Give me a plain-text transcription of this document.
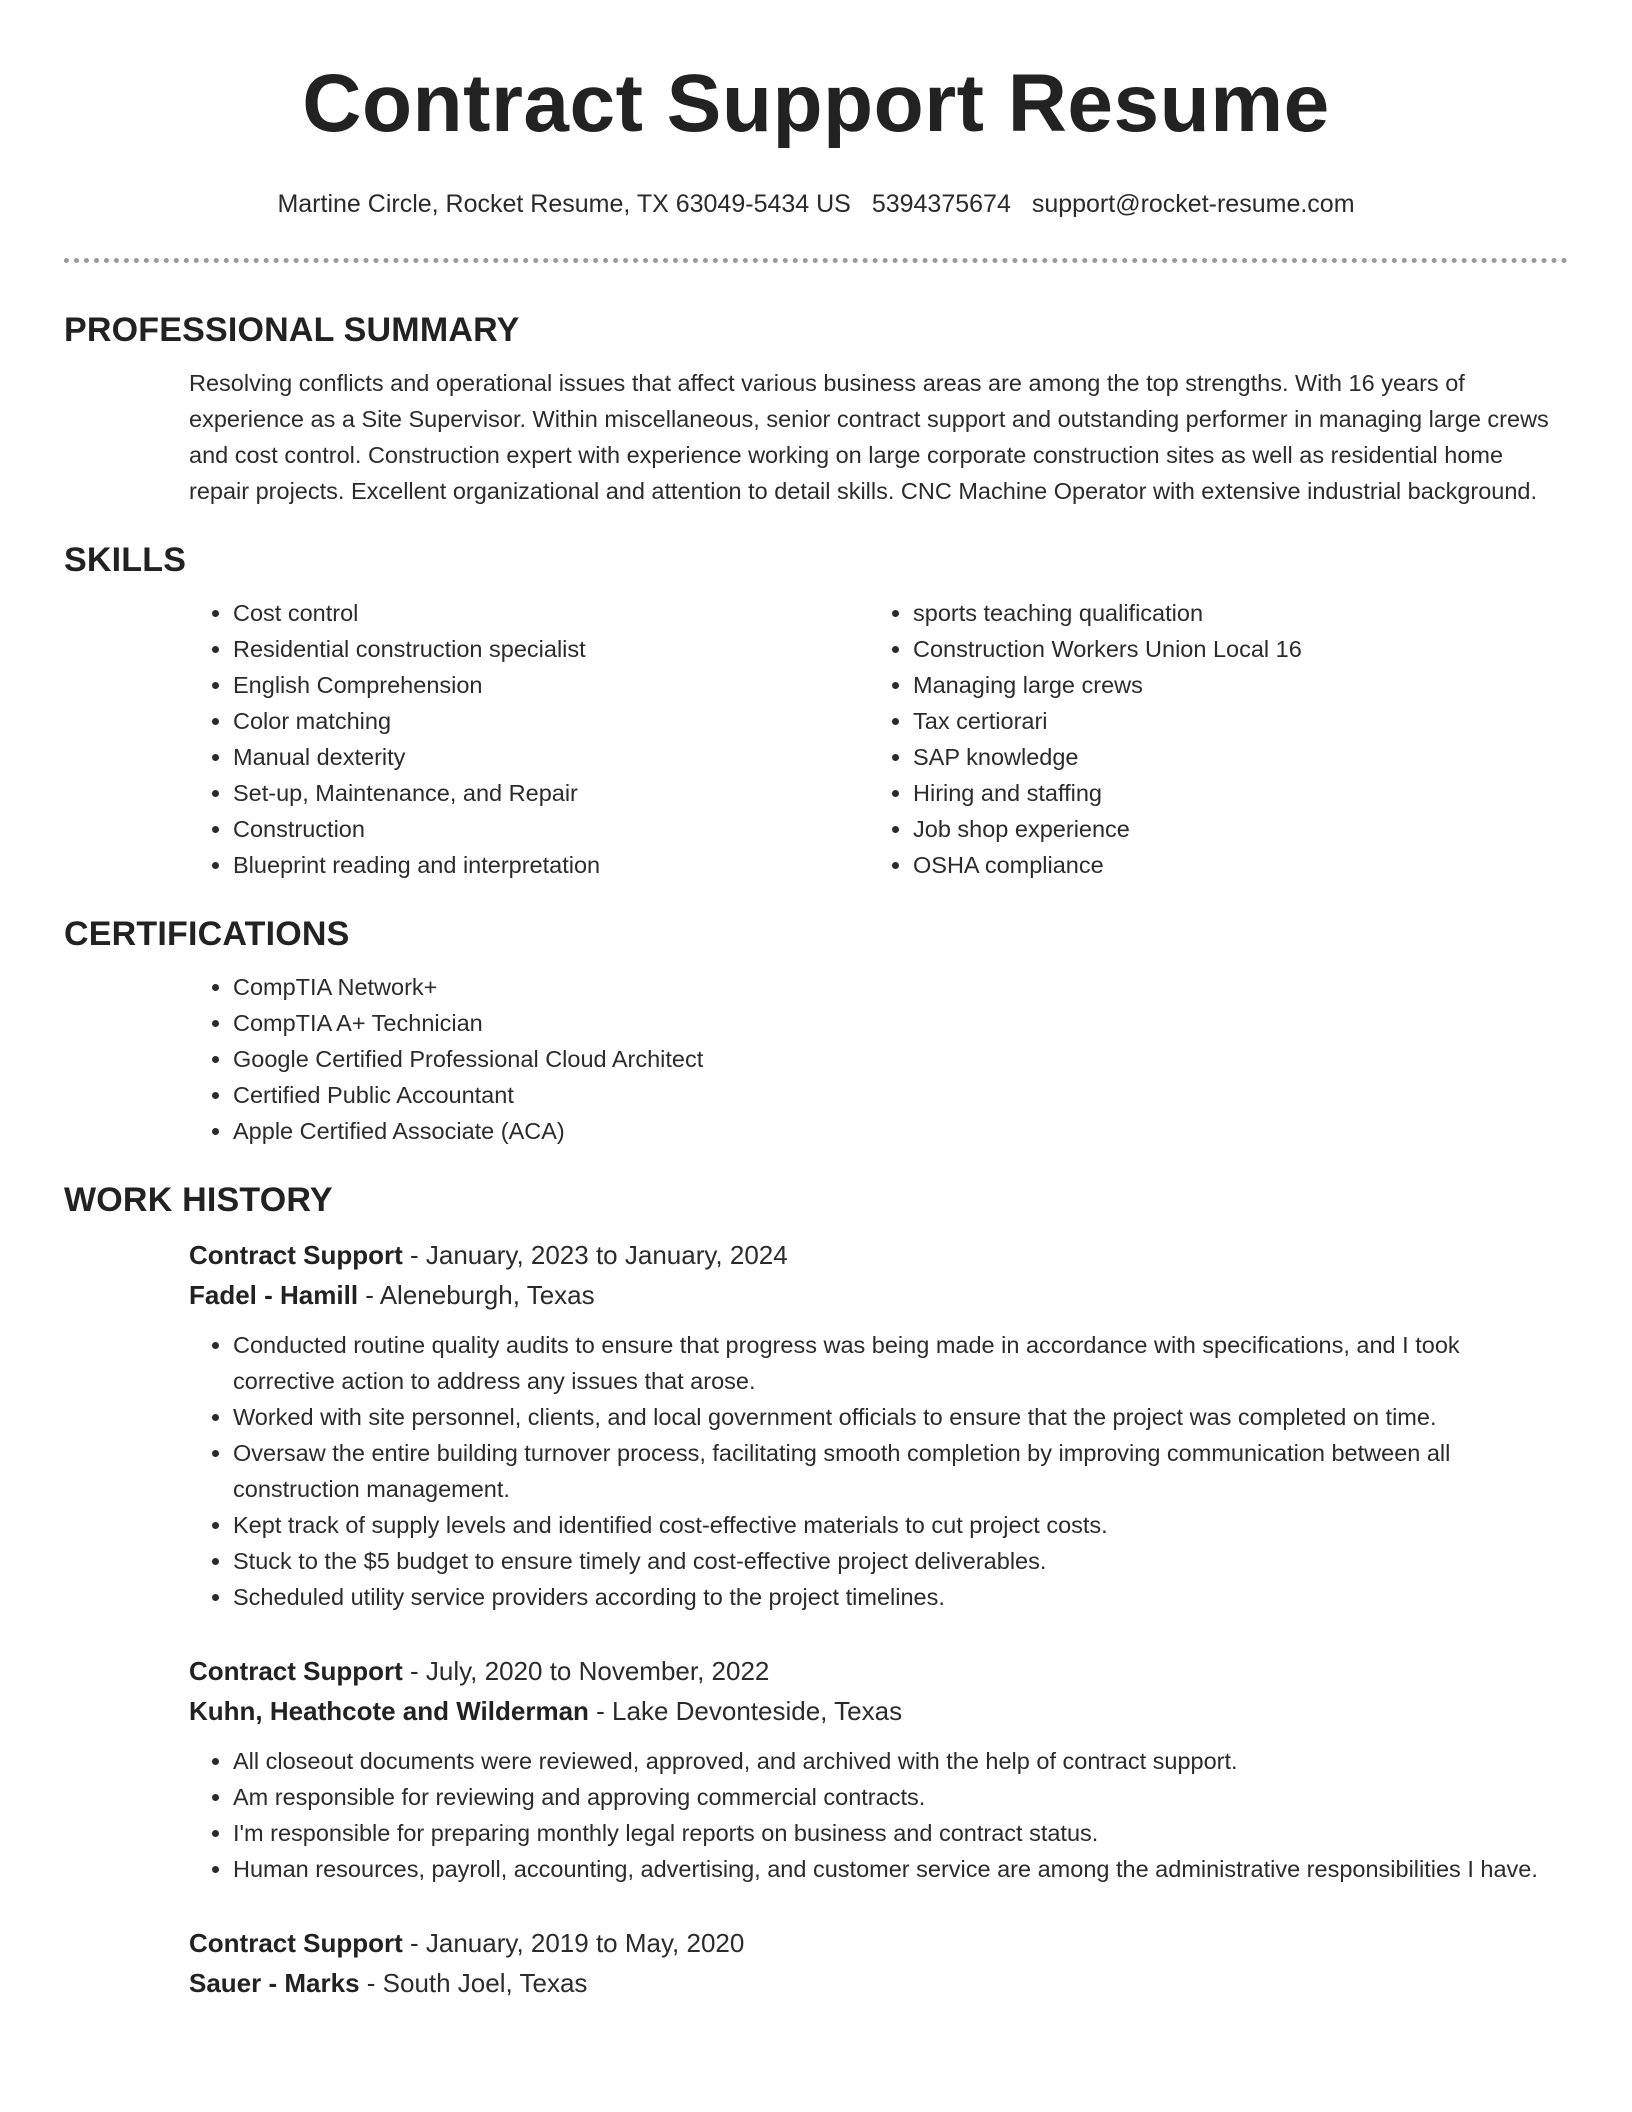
Contract Support Resume
Martine Circle, Rocket Resume, TX 63049-5434 US 5394375674 support@rocket-resume.com
PROFESSIONAL SUMMARY

Resolving conflicts and operational issues that affect various business areas are among the top strengths. With 16 years of experience as a Site Supervisor. Within miscellaneous, senior contract support and outstanding performer in managing large crews and cost control. Construction expert with experience working on large corporate construction sites as well as residential home repair projects. Excellent organizational and attention to detail skills. CNC Machine Operator with extensive industrial background.

SKILLS
• Cost control
• Residential construction specialist
• English Comprehension
• Color matching
• Manual dexterity
• Set-up, Maintenance, and Repair
• Construction
• Blueprint reading and interpretation
• sports teaching qualification
• Construction Workers Union Local 16
• Managing large crews
• Tax certiorari
• SAP knowledge
• Hiring and staffing
• Job shop experience
• OSHA compliance
CERTIFICATIONS
• CompTIA Network+
• CompTIA A+ Technician
• Google Certified Professional Cloud Architect
• Certified Public Accountant
• Apple Certified Associate (ACA)
WORK HISTORY
Contract Support - January, 2023 to January, 2024
Fadel - Hamill - Aleneburgh, Texas
• Conducted routine quality audits to ensure that progress was being made in accordance with specifications, and I took corrective action to address any issues that arose.
• Worked with site personnel, clients, and local government officials to ensure that the project was completed on time.
• Oversaw the entire building turnover process, facilitating smooth completion by improving communication between all construction management.
• Kept track of supply levels and identified cost-effective materials to cut project costs.
• Stuck to the $5 budget to ensure timely and cost-effective project deliverables.
• Scheduled utility service providers according to the project timelines.
Contract Support - July, 2020 to November, 2022
Kuhn, Heathcote and Wilderman - Lake Devonteside, Texas
• All closeout documents were reviewed, approved, and archived with the help of contract support.
• Am responsible for reviewing and approving commercial contracts.
• I'm responsible for preparing monthly legal reports on business and contract status.
• Human resources, payroll, accounting, advertising, and customer service are among the administrative responsibilities I have.
Contract Support - January, 2019 to May, 2020
Sauer - Marks - South Joel, Texas
